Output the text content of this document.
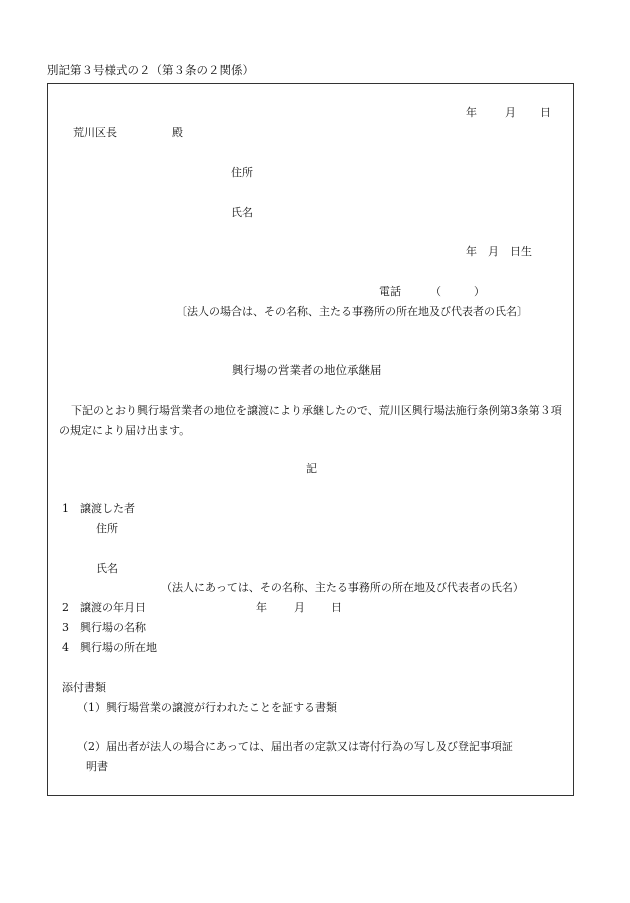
別記第３号様式の２（第３条の２関係）
年	月 日
荒川区長	殿
住所
氏名
年　月　日生
電話	（　　　）
〔法人の場合は、その名称、主たる事務所の所在地及び代表者の氏名〕
興行場の営業者の地位承継届
下記のとおり興行場営業者の地位を譲渡により承継したので、荒川区興行場法施行条例第3条第３項の規定により届け出ます。
記
1　譲渡した者
住所
氏名
（法人にあっては、その名称、主たる事務所の所在地及び代表者の氏名）
2　譲渡の年月日	年 月 日
3　興行場の名称
4　興行場の所在地
添付書類
（1）興行場営業の譲渡が行われたことを証する書類
（2）届出者が法人の場合にあっては、届出者の定款又は寄付行為の写し及び登記事項証
明書
